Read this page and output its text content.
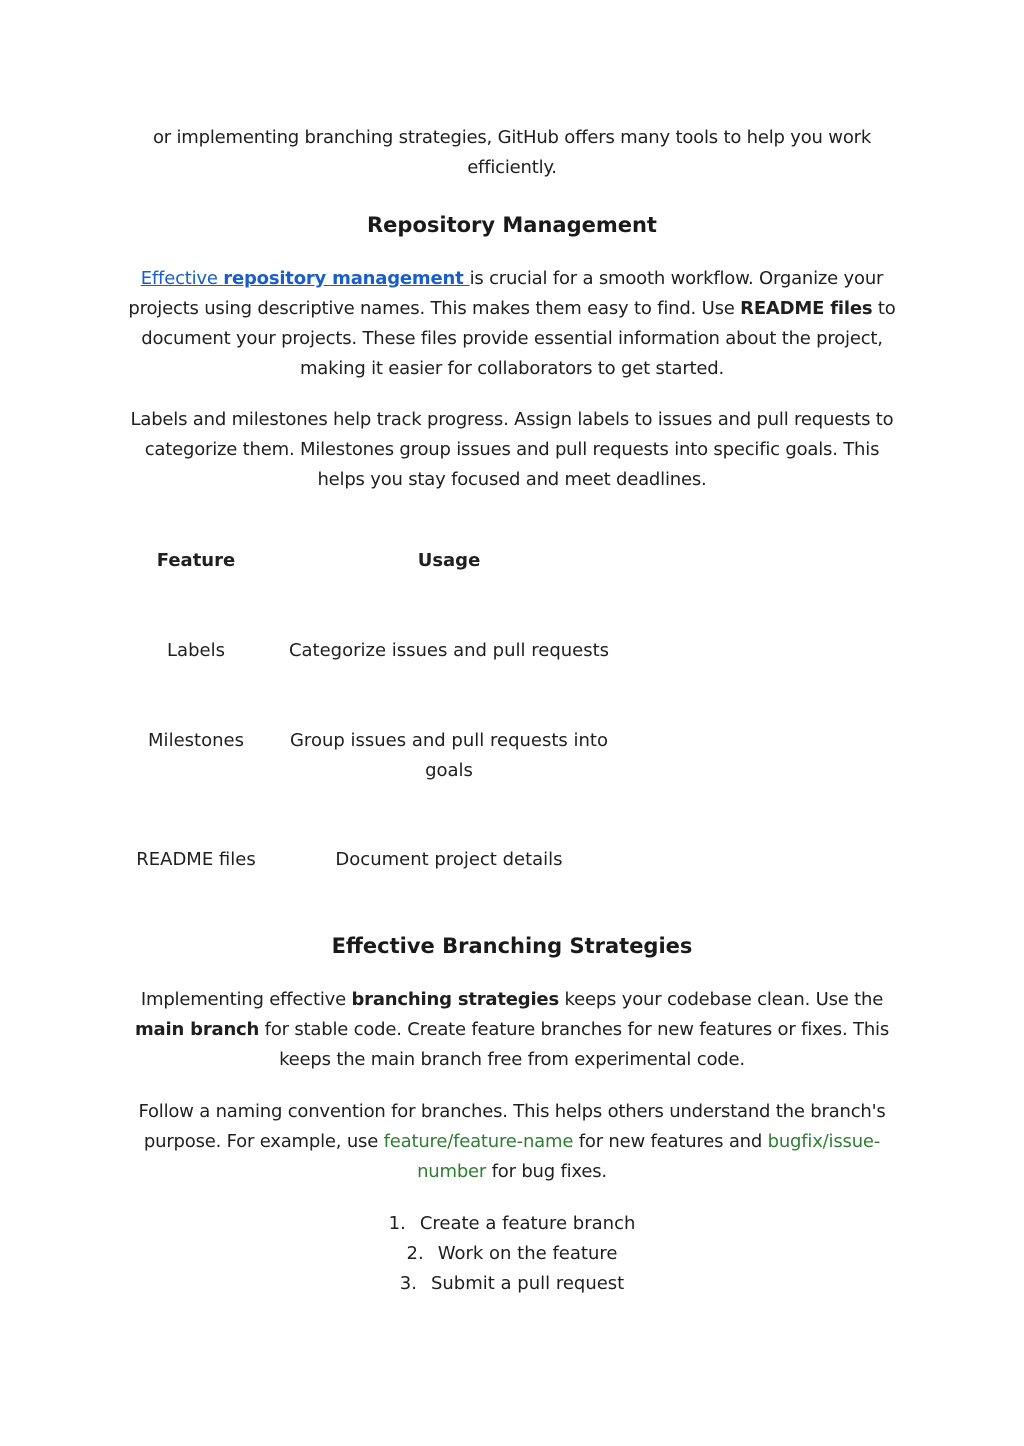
or implementing branching strategies, GitHub offers many tools to help you work efficiently.

Repository Management

Effective repository management is crucial for a smooth workflow. Organize your projects using descriptive names. This makes them easy to find. Use README files to document your projects. These files provide essential information about the project, making it easier for collaborators to get started.

Labels and milestones help track progress. Assign labels to issues and pull requests to categorize them. Milestones group issues and pull requests into specific goals. This helps you stay focused and meet deadlines.

Feature	Usage
Labels	Categorize issues and pull requests
Milestones	Group issues and pull requests into goals
README files	Document project details
Effective Branching Strategies

Implementing effective branching strategies keeps your codebase clean. Use the main branch for stable code. Create feature branches for new features or fixes. This keeps the main branch free from experimental code.

Follow a naming convention for branches. This helps others understand the branch's purpose. For example, use feature/feature-name for new features and bugfix/issue-number for bug fixes.

1. Create a feature branch
2. Work on the feature
3. Submit a pull request
